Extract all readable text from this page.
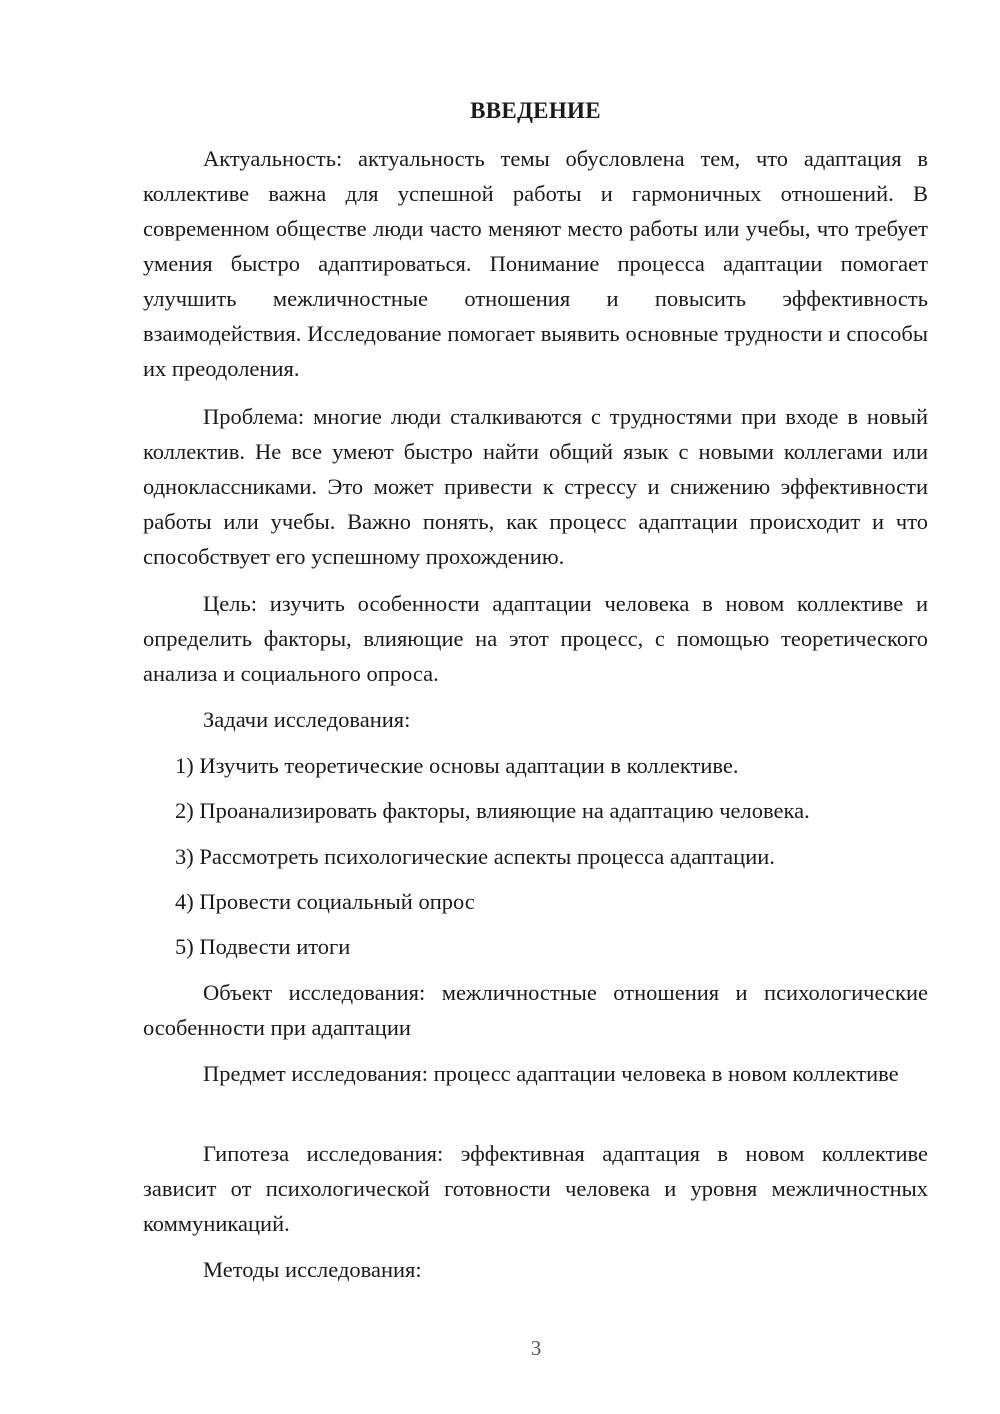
ВВЕДЕНИЕ

Актуальность: актуальность темы обусловлена тем, что адаптация в коллективе важна для успешной работы и гармоничных отношений. В современном обществе люди часто меняют место работы или учебы, что требует умения быстро адаптироваться. Понимание процесса адаптации помогает улучшить межличностные отношения и повысить эффективность взаимодействия. Исследование помогает выявить основные трудности и способы их преодоления.

Проблема: многие люди сталкиваются с трудностями при входе в новый коллектив. Не все умеют быстро найти общий язык с новыми коллегами или одноклассниками. Это может привести к стрессу и снижению эффективности работы или учебы. Важно понять, как процесс адаптации происходит и что способствует его успешному прохождению.

Цель: изучить особенности адаптации человека в новом коллективе и определить факторы, влияющие на этот процесс, с помощью теоретического анализа и социального опроса.

Задачи исследования:

1) Изучить теоретические основы адаптации в коллективе.

2) Проанализировать факторы, влияющие на адаптацию человека.

3) Рассмотреть психологические аспекты процесса адаптации.

4) Провести социальный опрос

5) Подвести итоги

Объект исследования: межличностные отношения и психологические особенности при адаптации

Предмет исследования: процесс адаптации человека в новом коллективе

Гипотеза исследования: эффективная адаптация в новом коллективе зависит от психологической готовности человека и уровня межличностных коммуникаций.

Методы исследования:

3
